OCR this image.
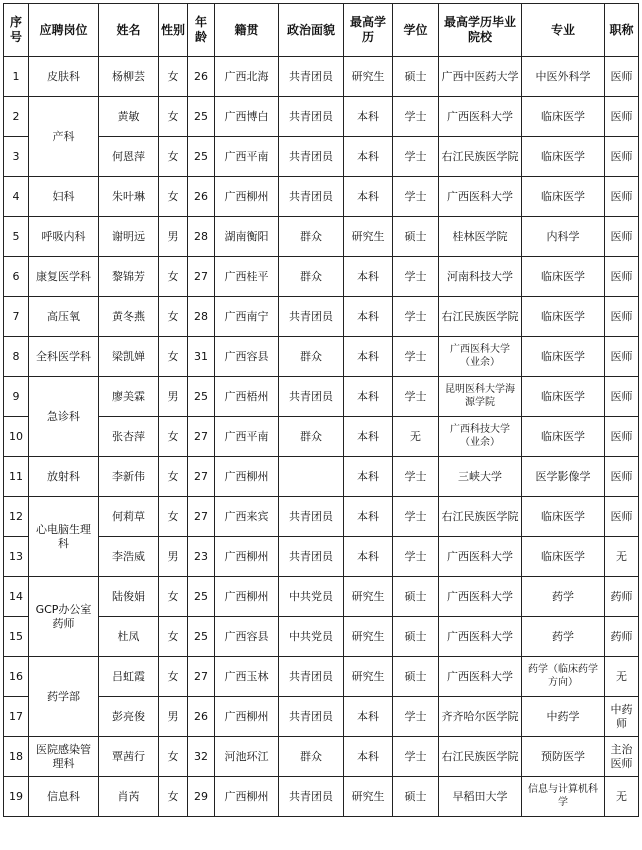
序号	应聘岗位	姓名	性别	年龄	籍贯	政治面貌	最高学历	学位	最高学历毕业院校	专业	职称
1	皮肤科	杨柳芸	女	26	广西北海	共青团员	研究生	硕士	广西中医药大学	中医外科学	医师
2	产科	黄敏	女	25	广西博白	共青团员	本科	学士	广西医科大学	临床医学	医师
3		何恩萍	女	25	广西平南	共青团员	本科	学士	右江民族医学院	临床医学	医师
4	妇科	朱叶琳	女	26	广西柳州	共青团员	本科	学士	广西医科大学	临床医学	医师
5	呼吸内科	谢明远	男	28	湖南衡阳	群众	研究生	硕士	桂林医学院	内科学	医师
6	康复医学科	黎锦芳	女	27	广西桂平	群众	本科	学士	河南科技大学	临床医学	医师
7	高压氧	黄冬燕	女	28	广西南宁	共青团员	本科	学士	右江民族医学院	临床医学	医师
8	全科医学科	梁凯婵	女	31	广西容县	群众	本科	学士	广西医科大学（业余）	临床医学	医师
9	急诊科	廖美霖	男	25	广西梧州	共青团员	本科	学士	昆明医科大学海源学院	临床医学	医师
10		张杏萍	女	27	广西平南	群众	本科	无	广西科技大学（业余）	临床医学	医师
11	放射科	李新伟	女	27	广西柳州		本科	学士	三峡大学	医学影像学	医师
12	心电脑生理科	何莉草	女	27	广西来宾	共青团员	本科	学士	右江民族医学院	临床医学	医师
13		李浩威	男	23	广西柳州	共青团员	本科	学士	广西医科大学	临床医学	无
14	GCP办公室药师	陆俊娟	女	25	广西柳州	中共党员	研究生	硕士	广西医科大学	药学	药师
15		杜凤	女	25	广西容县	中共党员	研究生	硕士	广西医科大学	药学	药师
16	药学部	吕虹霞	女	27	广西玉林	共青团员	研究生	硕士	广西医科大学	药学（临床药学方向）	无
17		彭亮俊	男	26	广西柳州	共青团员	本科	学士	齐齐哈尔医学院	中药学	中药师
18	医院感染管理科	覃茜行	女	32	河池环江	群众	本科	学士	右江民族医学院	预防医学	主治医师
19	信息科	肖芮	女	29	广西柳州	共青团员	研究生	硕士	早稻田大学	信息与计算机科学	无
